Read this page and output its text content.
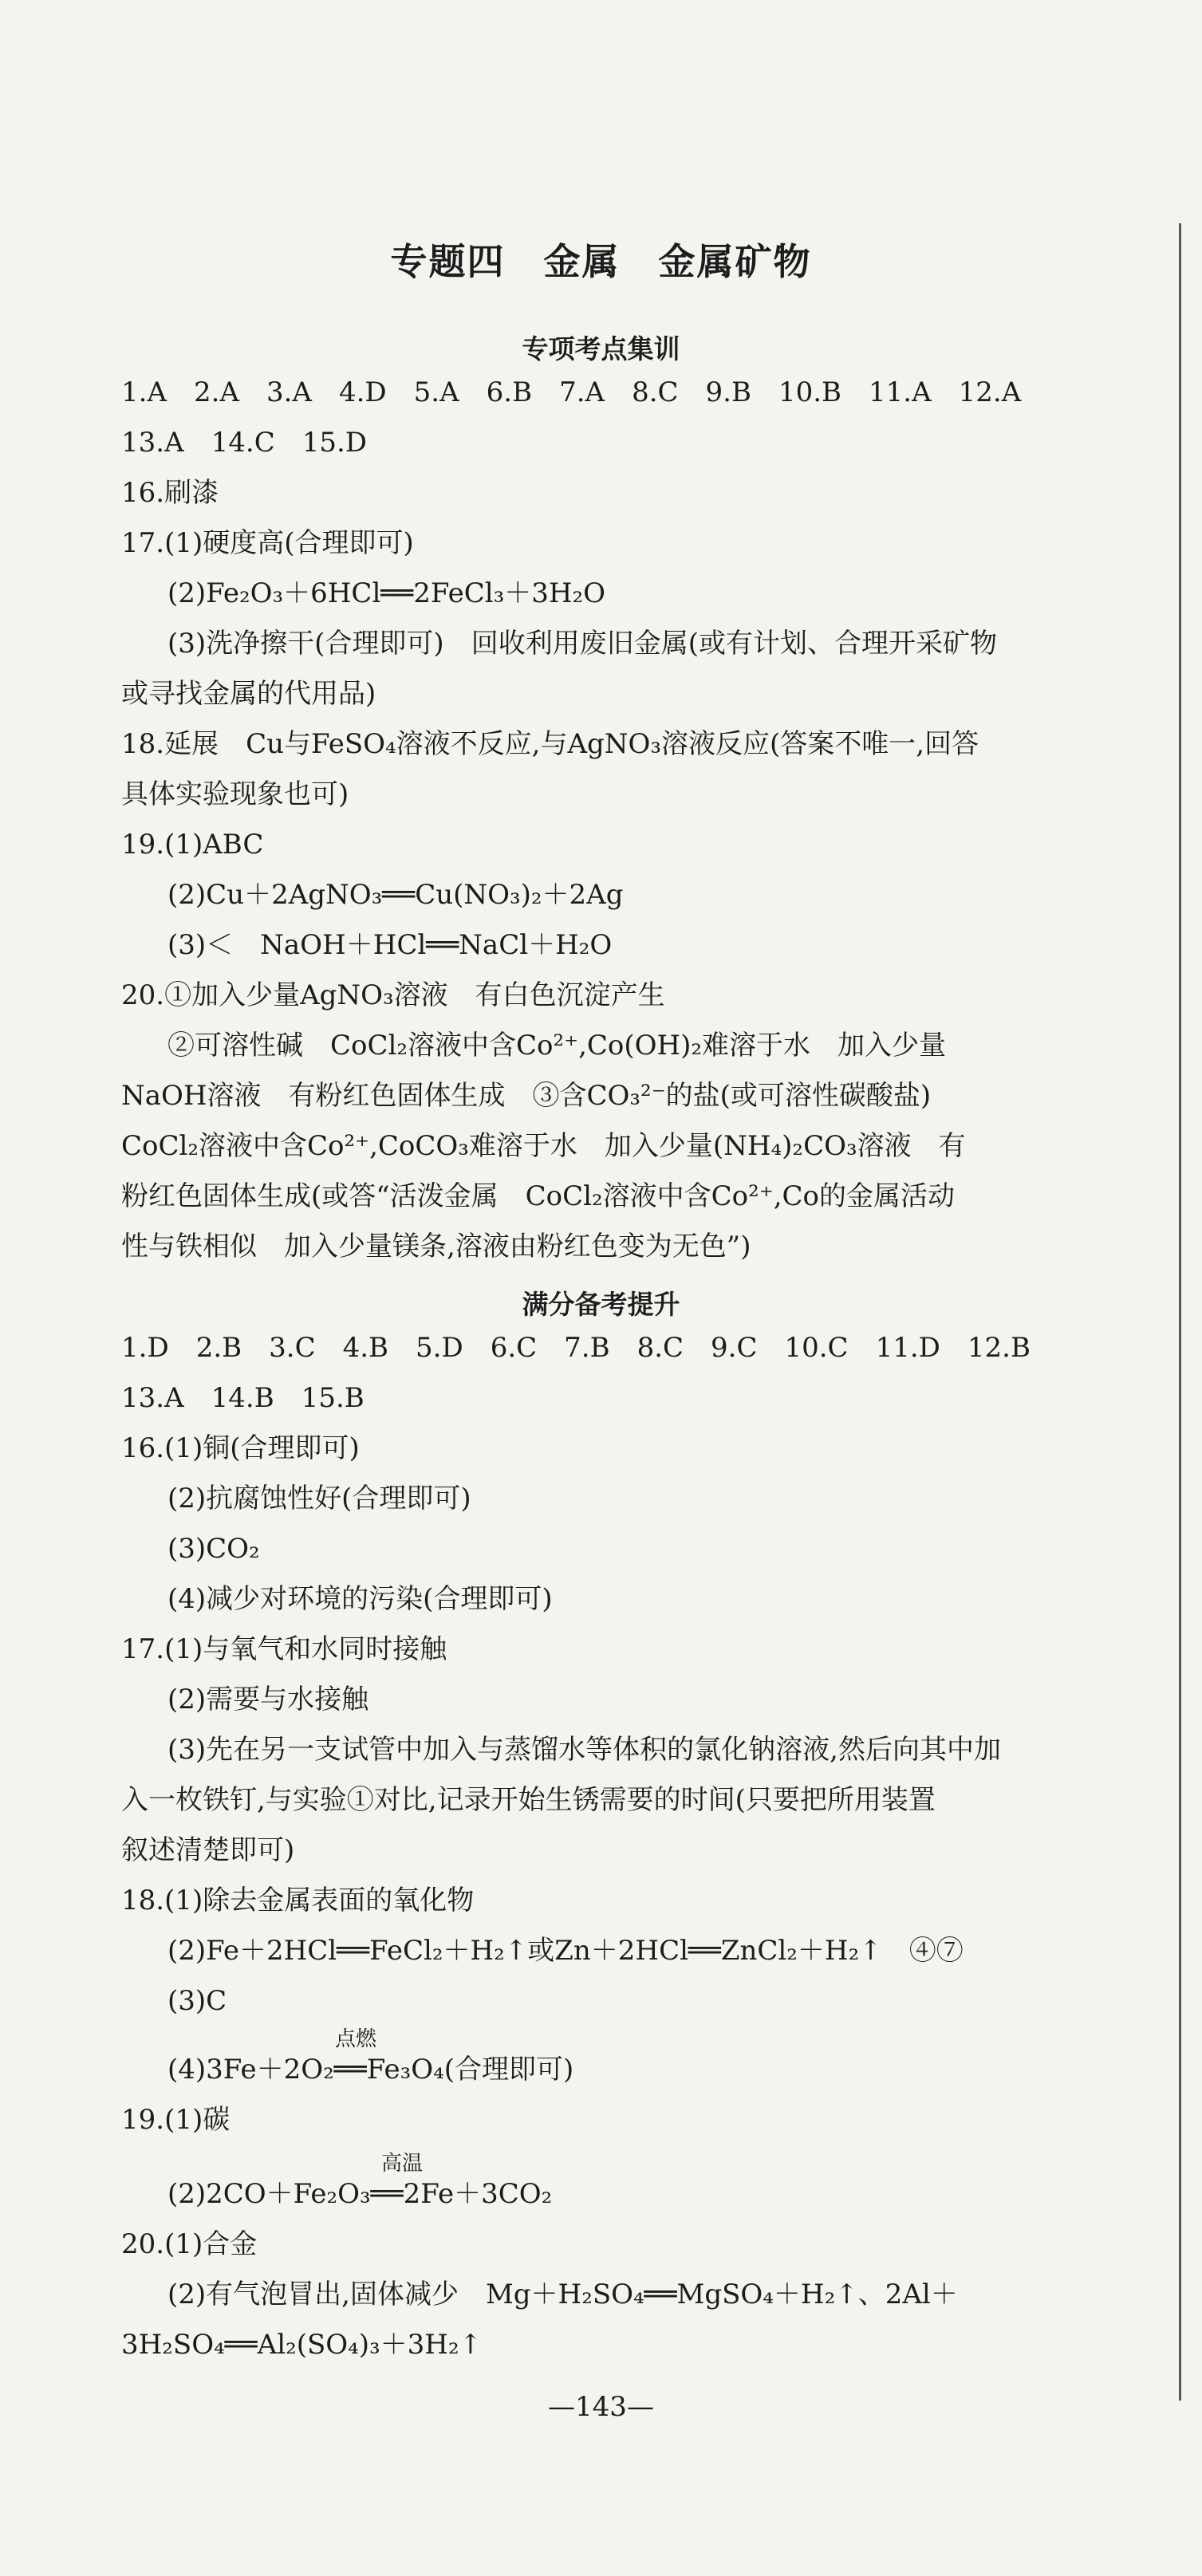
专题四　金属　金属矿物
专项考点集训
1.A　2.A　3.A　4.D　5.A　6.B　7.A　8.C　9.B　10.B　11.A　12.A
13.A　14.C　15.D
16.刷漆
17.(1)硬度高(合理即可)
(2)Fe₂O₃＋6HCl══2FeCl₃＋3H₂O
(3)洗净擦干(合理即可)　回收利用废旧金属(或有计划、合理开采矿物
或寻找金属的代用品)
18.延展　Cu与FeSO₄溶液不反应,与AgNO₃溶液反应(答案不唯一,回答
具体实验现象也可)
19.(1)ABC
(2)Cu＋2AgNO₃══Cu(NO₃)₂＋2Ag
(3)＜　NaOH＋HCl══NaCl＋H₂O
20.①加入少量AgNO₃溶液　有白色沉淀产生
②可溶性碱　CoCl₂溶液中含Co²⁺,Co(OH)₂难溶于水　加入少量
NaOH溶液　有粉红色固体生成　③含CO₃²⁻的盐(或可溶性碳酸盐)
CoCl₂溶液中含Co²⁺,CoCO₃难溶于水　加入少量(NH₄)₂CO₃溶液　有
粉红色固体生成(或答“活泼金属　CoCl₂溶液中含Co²⁺,Co的金属活动
性与铁相似　加入少量镁条,溶液由粉红色变为无色”)
满分备考提升
1.D　2.B　3.C　4.B　5.D　6.C　7.B　8.C　9.C　10.C　11.D　12.B
13.A　14.B　15.B
16.(1)铜(合理即可)
(2)抗腐蚀性好(合理即可)
(3)CO₂
(4)减少对环境的污染(合理即可)
17.(1)与氧气和水同时接触
(2)需要与水接触
(3)先在另一支试管中加入与蒸馏水等体积的氯化钠溶液,然后向其中加
入一枚铁钉,与实验①对比,记录开始生锈需要的时间(只要把所用装置
叙述清楚即可)
18.(1)除去金属表面的氧化物
(2)Fe＋2HCl══FeCl₂＋H₂↑或Zn＋2HCl══ZnCl₂＋H₂↑　④⑦
(3)C
点燃
(4)3Fe＋2O₂══Fe₃O₄(合理即可)
19.(1)碳
高温
(2)2CO＋Fe₂O₃══2Fe＋3CO₂
20.(1)合金
(2)有气泡冒出,固体减少　Mg＋H₂SO₄══MgSO₄＋H₂↑、2Al＋
3H₂SO₄══Al₂(SO₄)₃＋3H₂↑
—143—
